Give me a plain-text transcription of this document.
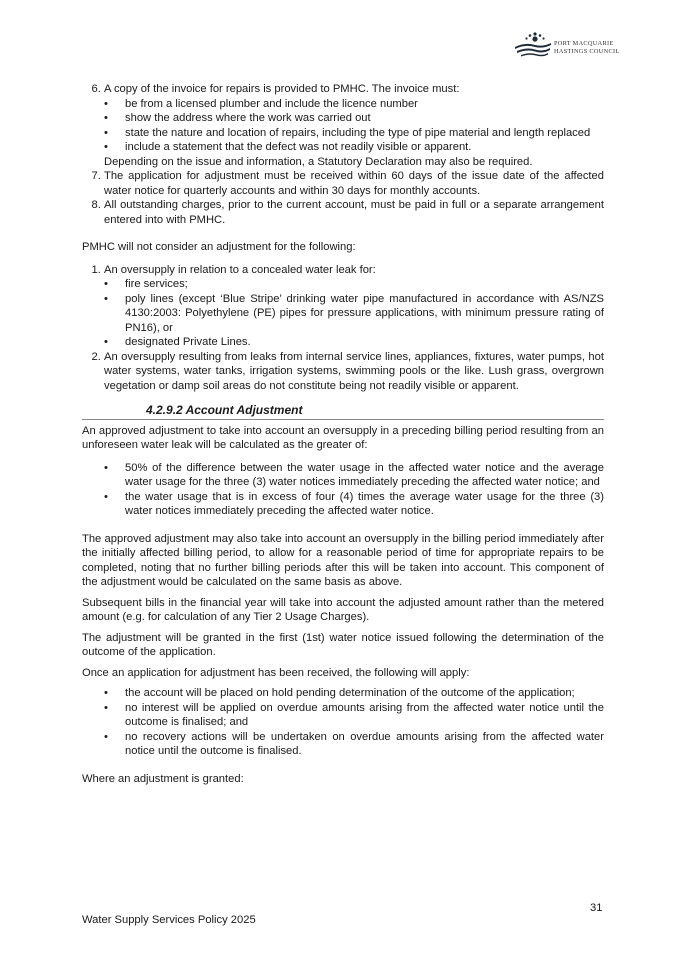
PORT MACQUARIE
HASTINGS COUNCIL
6. A copy of the invoice for repairs is provided to PMHC. The invoice must:
• be from a licensed plumber and include the licence number
• show the address where the work was carried out
• state the nature and location of repairs, including the type of pipe material and length replaced
• include a statement that the defect was not readily visible or apparent.
Depending on the issue and information, a Statutory Declaration may also be required.
7. The application for adjustment must be received within 60 days of the issue date of the affected water notice for quarterly accounts and within 30 days for monthly accounts.
8. All outstanding charges, prior to the current account, must be paid in full or a separate arrangement entered into with PMHC.

PMHC will not consider an adjustment for the following:

1. An oversupply in relation to a concealed water leak for:
• fire services;
• poly lines (except ‘Blue Stripe’ drinking water pipe manufactured in accordance with AS/NZS 4130:2003: Polyethylene (PE) pipes for pressure applications, with minimum pressure rating of PN16), or
• designated Private Lines.
2. An oversupply resulting from leaks from internal service lines, appliances, fixtures, water pumps, hot water systems, water tanks, irrigation systems, swimming pools or the like. Lush grass, overgrown vegetation or damp soil areas do not constitute being not readily visible or apparent.
4.2.9.2 Account Adjustment

An approved adjustment to take into account an oversupply in a preceding billing period resulting from an unforeseen water leak will be calculated as the greater of:

• 50% of the difference between the water usage in the affected water notice and the average water usage for the three (3) water notices immediately preceding the affected water notice; and
• the water usage that is in excess of four (4) times the average water usage for the three (3) water notices immediately preceding the affected water notice.

The approved adjustment may also take into account an oversupply in the billing period immediately after the initially affected billing period, to allow for a reasonable period of time for appropriate repairs to be completed, noting that no further billing periods after this will be taken into account. This component of the adjustment would be calculated on the same basis as above.

Subsequent bills in the financial year will take into account the adjusted amount rather than the metered amount (e.g. for calculation of any Tier 2 Usage Charges).

The adjustment will be granted in the first (1st) water notice issued following the determination of the outcome of the application.

Once an application for adjustment has been received, the following will apply:

• the account will be placed on hold pending determination of the outcome of the application;
• no interest will be applied on overdue amounts arising from the affected water notice until the outcome is finalised; and
• no recovery actions will be undertaken on overdue amounts arising from the affected water notice until the outcome is finalised.

Where an adjustment is granted:

31
Water Supply Services Policy 2025
